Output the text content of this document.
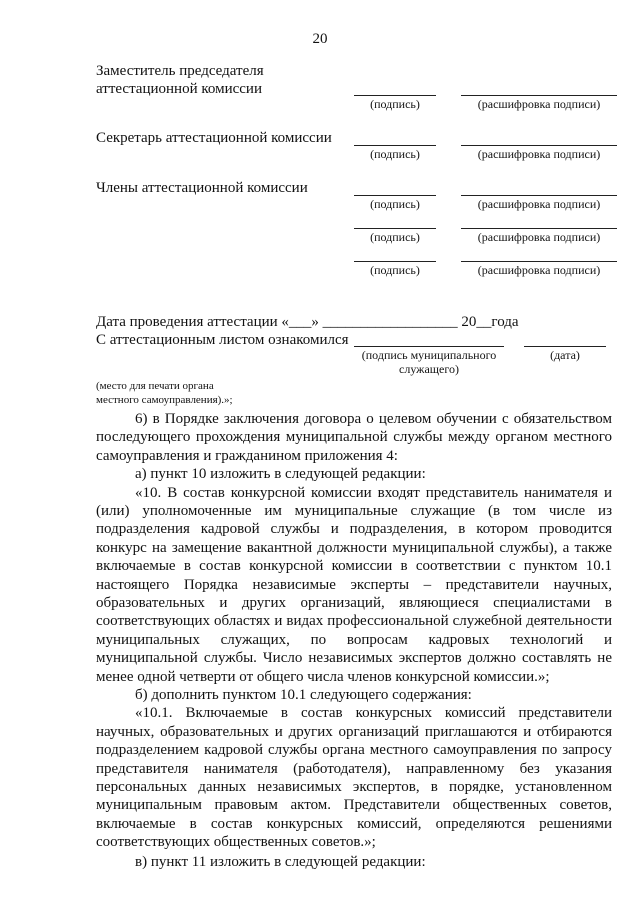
20
Заместитель председателя
аттестационной комиссии
(подпись)	(расшифровка подписи)
Секретарь аттестационной комиссии
(подпись)	(расшифровка подписи)
Члены аттестационной комиссии
(подпись)	(расшифровка подписи)
(подпись)	(расшифровка подписи)
(подпись)	(расшифровка подписи)
Дата проведения аттестации «___» __________________ 20__года
С аттестационным листом ознакомился
(подпись муниципального
служащего)
(дата)
(место для печати органа
местного самоуправления).»;
6) в Порядке заключения договора о целевом обучении с обязательством
последующего прохождения муниципальной службы между органом местного
самоуправления и гражданином приложения 4:
а) пункт 10 изложить в следующей редакции:
«10. В состав конкурсной комиссии входят представитель нанимателя и
(или) уполномоченные им муниципальные служащие (в том числе из
подразделения кадровой службы и подразделения, в котором проводится
конкурс на замещение вакантной должности муниципальной службы), а также
включаемые в состав конкурсной комиссии в соответствии с пунктом 10.1
настоящего Порядка независимые эксперты – представители научных,
образовательных и других организаций, являющиеся специалистами в
соответствующих областях и видах профессиональной служебной деятельности
муниципальных служащих, по вопросам кадровых технологий и
муниципальной службы. Число независимых экспертов должно составлять не
менее одной четверти от общего числа членов конкурсной комиссии.»;
б) дополнить пунктом 10.1 следующего содержания:
«10.1. Включаемые в состав конкурсных комиссий представители
научных, образовательных и других организаций приглашаются и отбираются
подразделением кадровой службы органа местного самоуправления по запросу
представителя нанимателя (работодателя), направленному без указания
персональных данных независимых экспертов, в порядке, установленном
муниципальным правовым актом. Представители общественных советов,
включаемые в состав конкурсных комиссий, определяются решениями
соответствующих общественных советов.»;
в) пункт 11 изложить в следующей редакции:
